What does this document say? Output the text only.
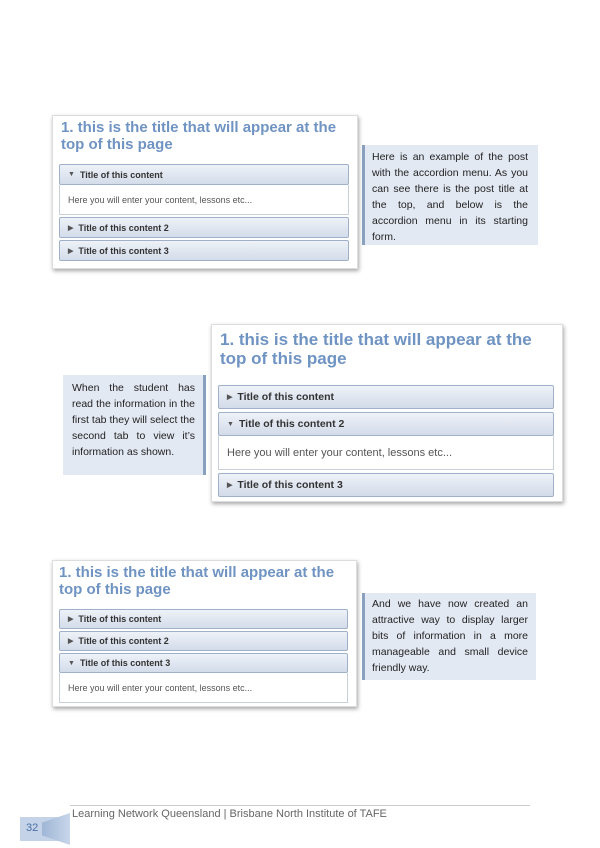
1. this is the title that will appear at the top of this page
▼ Title of this content
Here you will enter your content, lessons etc...
▶ Title of this content 2
▶ Title of this content 3
Here is an example of the post with the accordion menu. As you can see there is the post title at the top, and below is the accordion menu in its starting form.
1. this is the title that will appear at the top of this page
▶ Title of this content
▼ Title of this content 2
Here you will enter your content, lessons etc...
▶ Title of this content 3
When the student has read the information in the first tab they will select the second tab to view it’s information as shown.
1. this is the title that will appear at the top of this page
▶ Title of this content
▶ Title of this content 2
▼ Title of this content 3
Here you will enter your content, lessons etc...
And we have now created an attractive way to display larger bits of information in a more manageable and small device friendly way.
Learning Network Queensland | Brisbane North Institute of TAFE
32
